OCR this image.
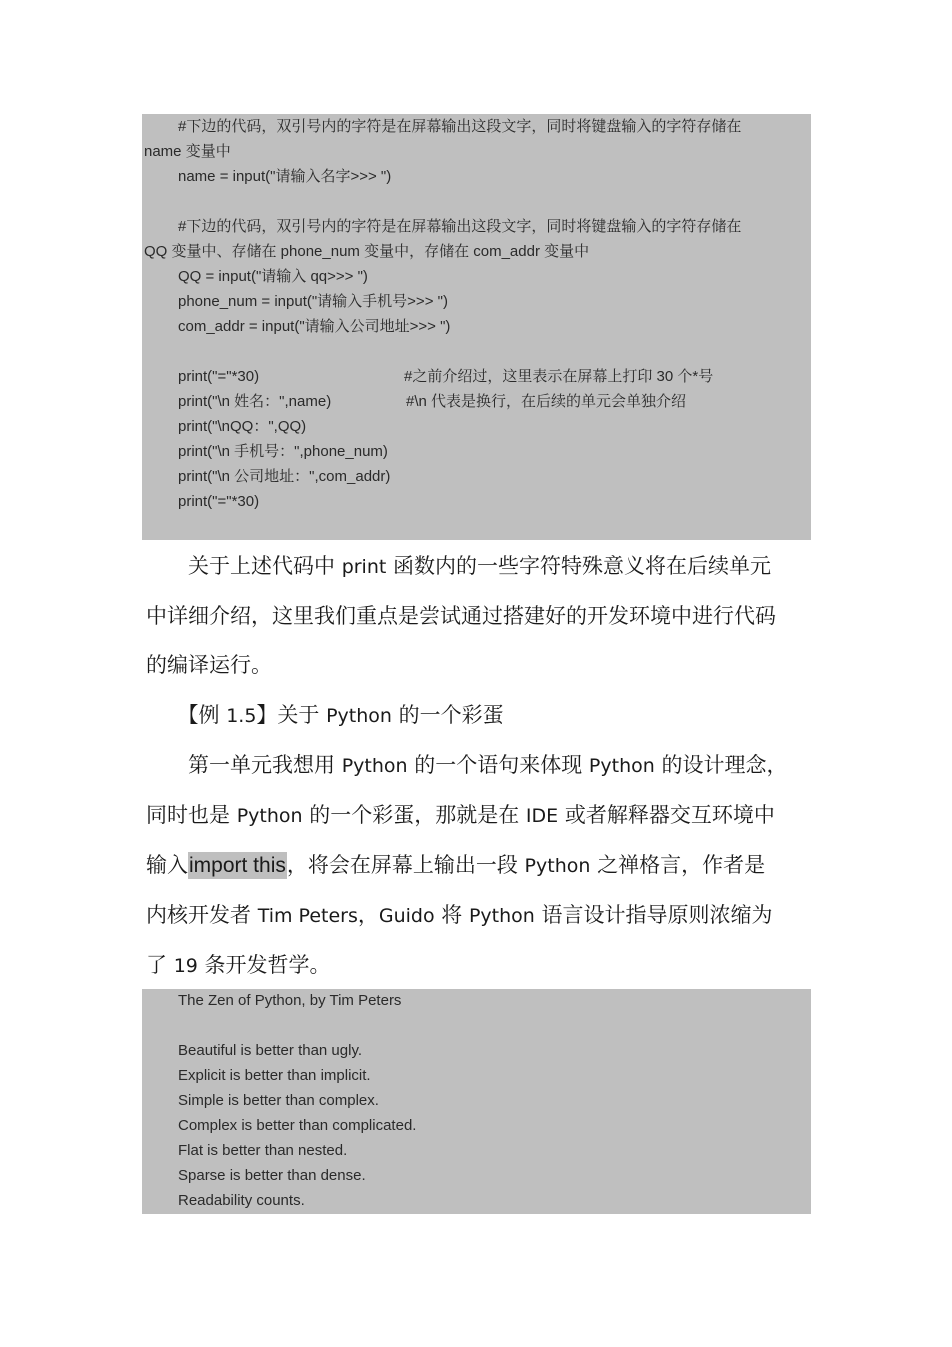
#下边的代码，双引号内的字符是在屏幕输出这段文字，同时将键盘输入的字符存储在
name 变量中
name = input("请输入名字>>> ")
#下边的代码，双引号内的字符是在屏幕输出这段文字，同时将键盘输入的字符存储在
QQ 变量中、存储在 phone_num 变量中，存储在 com_addr 变量中
QQ = input("请输入 qq>>> ")
phone_num = input("请输入手机号>>> ")
com_addr = input("请输入公司地址>>> ")
print("="*30)	#之前介绍过，这里表示在屏幕上打印 30 个*号
print("\n 姓名：",name)	#\n 代表是换行，在后续的单元会单独介绍
print("\nQQ：",QQ)
print("\n 手机号：",phone_num)
print("\n 公司地址：",com_addr)
print("="*30)
　　关于上述代码中 print 函数内的一些字符特殊意义将在后续单元
中详细介绍，这里我们重点是尝试通过搭建好的开发环境中进行代码
的编译运行。
　　【例 1.5】关于 Python 的一个彩蛋
　　第一单元我想用 Python 的一个语句来体现 Python 的设计理念，
同时也是 Python 的一个彩蛋，那就是在 IDE 或者解释器交互环境中
输入import this，将会在屏幕上输出一段 Python 之禅格言，作者是
内核开发者 Tim Peters，Guido 将 Python 语言设计指导原则浓缩为
了 19 条开发哲学。
The Zen of Python, by Tim Peters
Beautiful is better than ugly.
Explicit is better than implicit.
Simple is better than complex.
Complex is better than complicated.
Flat is better than nested.
Sparse is better than dense.
Readability counts.
